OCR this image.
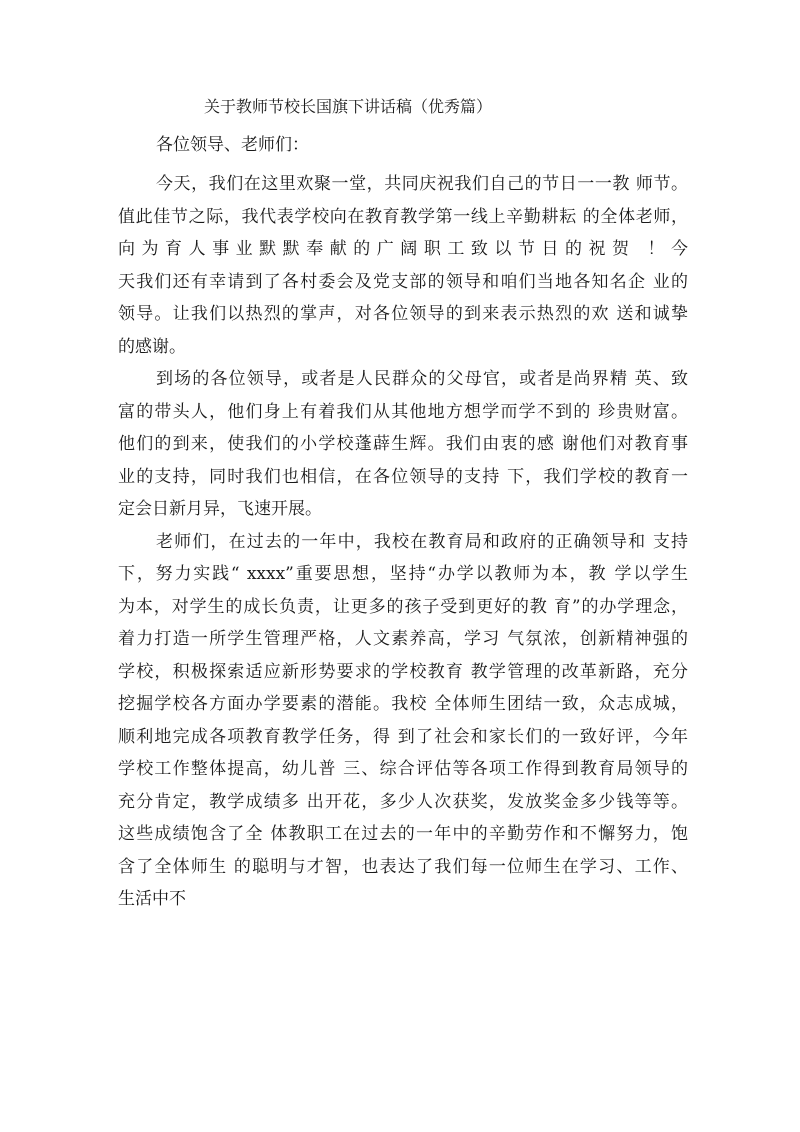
关于教师节校长国旗下讲话稿（优秀篇）
各位领导、老师们：
今天，我们在这里欢聚一堂，共同庆祝我们自己的节日一一教 师节。
值此佳节之际，我代表学校向在教育教学第一线上辛勤耕耘 的全体老师，
向为育人事业默默奉献的广阔职工致以节日的祝贺 ！今
天我们还有幸请到了各村委会及党支部的领导和咱们当地各知名企 业的
领导。让我们以热烈的掌声，对各位领导的到来表示热烈的欢 送和诚挚
的感谢。
到场的各位领导，或者是人民群众的父母官，或者是尚界精 英、致
富的带头人，他们身上有着我们从其他地方想学而学不到的 珍贵财富。
他们的到来，使我们的小学校蓬薜生辉。我们由衷的感 谢他们对教育事
业的支持，同时我们也相信，在各位领导的支持 下，我们学校的教育一
定会日新月异，飞速开展。
老师们，在过去的一年中，我校在教育局和政府的正确领导和 支持
下，努力实践“ xxxx”重要思想，坚持“办学以教师为本，教 学以学生
为本，对学生的成长负责，让更多的孩子受到更好的教 育”的办学理念，
着力打造一所学生管理严格，人文素养高，学习 气氛浓，创新精神强的
学校，积极探索适应新形势要求的学校教育 教学管理的改革新路，充分
挖掘学校各方面办学要素的潜能。我校 全体师生团结一致，众志成城，
顺利地完成各项教育教学任务，得 到了社会和家长们的一致好评，今年
学校工作整体提高，幼儿普 三、综合评估等各项工作得到教育局领导的
充分肯定，教学成绩多 出开花，多少人次获奖，发放奖金多少钱等等。
这些成绩饱含了全 体教职工在过去的一年中的辛勤劳作和不懈努力，饱
含了全体师生 的聪明与才智，也表达了我们每一位师生在学习、工作、
生活中不
